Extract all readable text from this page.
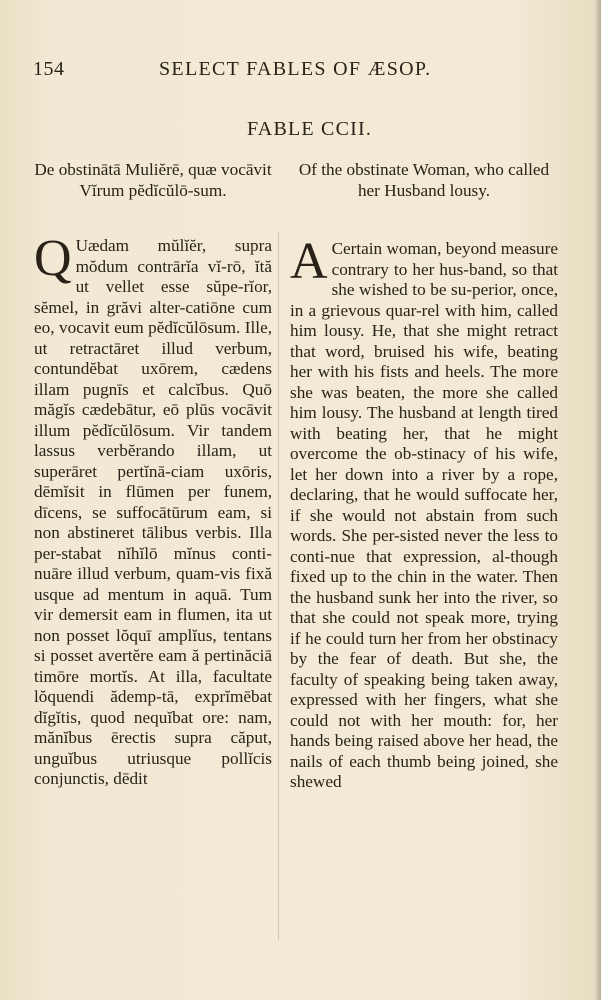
154	SELECT FABLES OF ÆSOP.
FABLE CCII.

De obstinātā Muliĕrē, quæ vocāvit Vĭrum pĕdĭcŭlō-sum.

Of the obstinate Woman, who called her Husband lousy.

Q Uædam mŭlĭĕr, supra mŏdum contrārĭa vĭ-rō, ĭtă ut vellet esse sŭpe-rĭor, sĕmel, in grăvi alter-catiōne cum eo, vocavit eum pĕdĭcŭlōsum. Ille, ut retractāret illud verbum, contundĕbat uxōrem, cædens illam pugnīs et calcĭbus. Quō măgĭs cædebātur, eō plūs vocāvit illum pĕdĭcŭlōsum. Vir tandem lassus verbĕrando illam, ut superāret pertĭnā-ciam uxōris, dēmĭsit in flūmen per funem, dīcens, se suffocātūrum eam, si non abstineret tālibus verbis. Illa per-stabat nĭhĭlō mĭnus conti-nuāre illud verbum, quam-vis fixă usque ad mentum in aquā. Tum vir demersit eam in flumen, ita ut non posset lŏquī amplĭus, tentans si posset avertĕre eam ă pertinăciā timōre mortĭs. At illa, facultate lŏquendi ădemp-tā, exprĭmēbat dĭgĭtis, quod nequĭbat ore: nam, mănĭbus ērectis supra căput, unguĭbus utriusque pollĭcis conjunctis, dēdit

A Certain woman, beyond measure contrary to her hus-band, so that she wished to be su-perior, once, in a grievous quar-rel with him, called him lousy. He, that she might retract that word, bruised his wife, beating her with his fists and heels. The more she was beaten, the more she called him lousy. The husband at length tired with beating her, that he might overcome the ob-stinacy of his wife, let her down into a river by a rope, declaring, that he would suffocate her, if she would not abstain from such words. She per-sisted never the less to conti-nue that expression, al-though fixed up to the chin in the water. Then the husband sunk her into the river, so that she could not speak more, trying if he could turn her from her obstinacy by the fear of death. But she, the faculty of speaking being taken away, expressed with her fingers, what she could not with her mouth: for, her hands being raised above her head, the nails of each thumb being joined, she shewed
